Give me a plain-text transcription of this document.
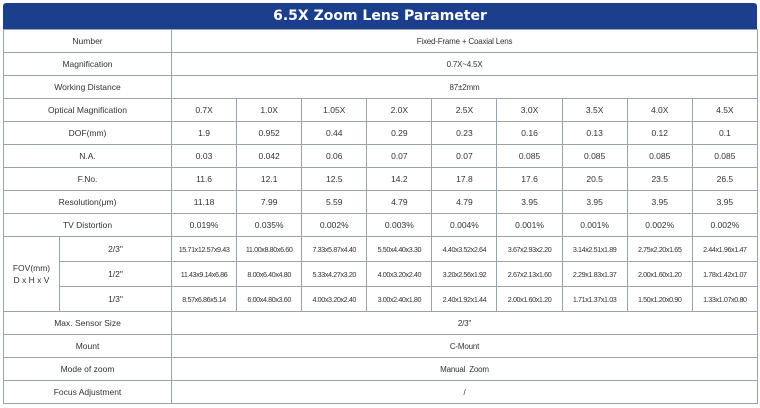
6.5X Zoom Lens Parameter
Number		Fixed-Frame + Coaxial Lens								
Magnification		0.7X~4.5X								
Working Distance		87±2mm								
Optical Magnification		0.7X	1.0X	1.05X	2.0X	2.5X	3.0X	3.5X	4.0X	4.5X
DOF(mm)		1.9	0.952	0.44	0.29	0.23	0.16	0.13	0.12	0.1
N.A.		0.03	0.042	0.06	0.07	0.07	0.085	0.085	0.085	0.085
F.No.		11.6	12.1	12.5	14.2	17.8	17.6	20.5	23.5	26.5
Resolution(μm)		11.18	7.99	5.59	4.79	4.79	3.95	3.95	3.95	3.95
TV Distortion		0.019%	0.035%	0.002%	0.003%	0.004%	0.001%	0.001%	0.002%	0.002%

FOV(mm)
D x H x V	2/3"	15.71x12.57x9.43	11.00x8.80x6.60	7.33x5.87x4.40	5.50x4.40x3.30	4.40x3.52x2.64	3.67x2.93x2.20	3.14x2.51x1.89	2.75x2.20x1.65	2.44x1.96x1.47
	1/2"	11.43x9.14x6.86	8.00x6.40x4.80	5.33x4.27x3.20	4.00x3.20x2.40	3.20x2.56x1.92	2.67x2.13x1.60	2.29x1.83x1.37	2.00x1.60x1.20	1.78x1.42x1.07
	1/3"	8.57x6.86x5.14	6.00x4.80x3.60	4.00x3.20x2.40	3.00x2.40x1.80	2.40x1.92x1.44	2.00x1.60x1.20	1.71x1.37x1.03	1.50x1.20x0.90	1.33x1.07x0.80
Max. Sensor Size		2/3"								
Mount		C-Mount								
Mode of zoom		Manual  Zoom								
Focus Adjustment		/								
